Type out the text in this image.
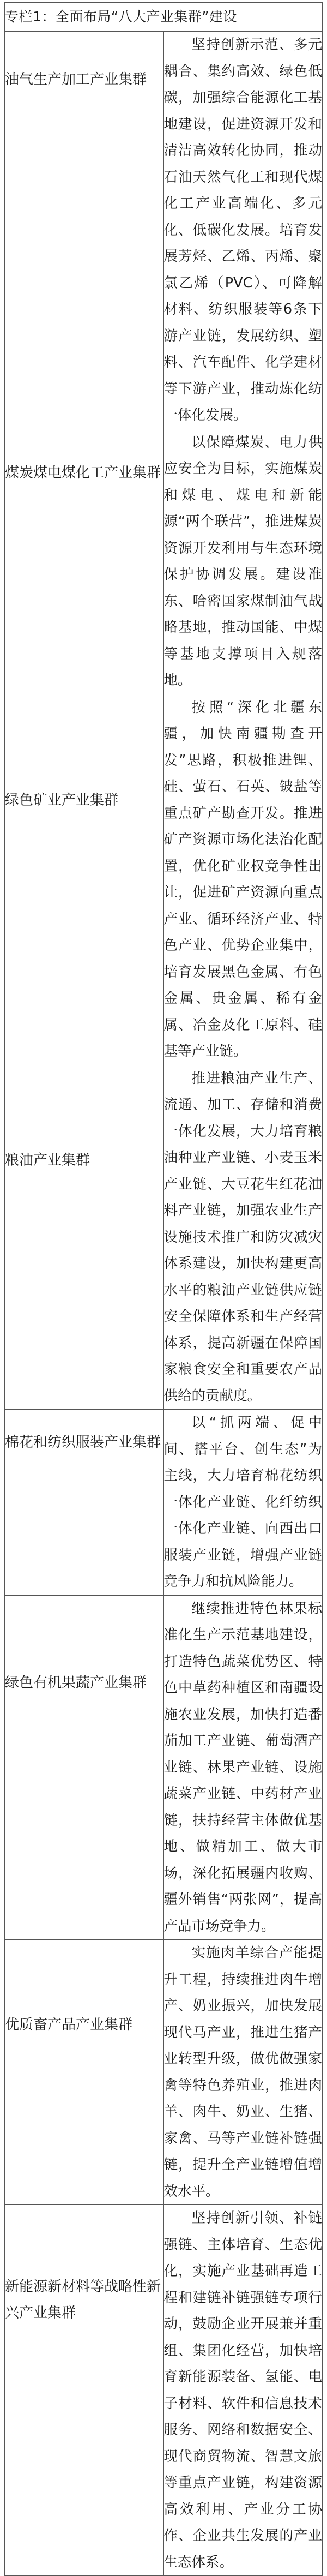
专栏1：全面布局“八大产业集群”建设	

油气生产加工产业集群	坚持创新示范、多元耦合、集约高效、绿色低碳，加强综合能源化工基地建设，促进资源开发和清洁高效转化协同，推动石油天然气化工和现代煤化工产业高端化、多元化、低碳化发展。培育发展芳烃、乙烯、丙烯、聚氯乙烯（PVC）、可降解材料、纺织服装等6条下游产业链，发展纺织、塑料、汽车配件、化学建材等下游产业，推动炼化纺一体化发展。

煤炭煤电煤化工产业集群	以保障煤炭、电力供应安全为目标，实施煤炭和煤电、煤电和新能源“两个联营”，推进煤炭资源开发利用与生态环境保护协调发展。建设准东、哈密国家煤制油气战略基地，推动国能、中煤等基地支撑项目入规落地。

绿色矿业产业集群	按照“深化北疆东疆，加快南疆勘查开发”思路，积极推进锂、硅、萤石、石英、铍盐等重点矿产勘查开发。推进矿产资源市场化法治化配置，优化矿业权竞争性出让，促进矿产资源向重点产业、循环经济产业、特色产业、优势企业集中，培育发展黑色金属、有色金属、贵金属、稀有金属、冶金及化工原料、硅基等产业链。

粮油产业集群	推进粮油产业生产、流通、加工、存储和消费一体化发展，大力培育粮油种业产业链、小麦玉米产业链、大豆花生红花油料产业链，加强农业生产设施技术推广和防灾减灾体系建设，加快构建更高水平的粮油产业链供应链安全保障体系和生产经营体系，提高新疆在保障国家粮食安全和重要农产品供给的贡献度。

棉花和纺织服装产业集群	以“抓两端、促中间、搭平台、创生态”为主线，大力培育棉花纺织一体化产业链、化纤纺织一体化产业链、向西出口服装产业链，增强产业链竞争力和抗风险能力。

绿色有机果蔬产业集群	继续推进特色林果标准化生产示范基地建设，打造特色蔬菜优势区、特色中草药种植区和南疆设施农业发展，加快打造番茄加工产业链、葡萄酒产业链、林果产业链、设施蔬菜产业链、中药材产业链，扶持经营主体做优基地、做精加工、做大市场，深化拓展疆内收购、疆外销售“两张网”，提高产品市场竞争力。

优质畜产品产业集群	实施肉羊综合产能提升工程，持续推进肉牛增产、奶业振兴，加快发展现代马产业，推进生猪产业转型升级，做优做强家禽等特色养殖业，推进肉羊、肉牛、奶业、生猪、家禽、马等产业链补链强链，提升全产业链增值增效水平。

新能源新材料等战略性新兴产业集群	坚持创新引领、补链强链、主体培育、生态优化，实施产业基础再造工程和建链补链强链专项行动，鼓励企业开展兼并重组、集团化经营，加快培育新能源装备、氢能、电子材料、软件和信息技术服务、网络和数据安全、现代商贸物流、智慧文旅等重点产业链，构建资源高效利用、产业分工协作、企业共生发展的产业生态体系。
